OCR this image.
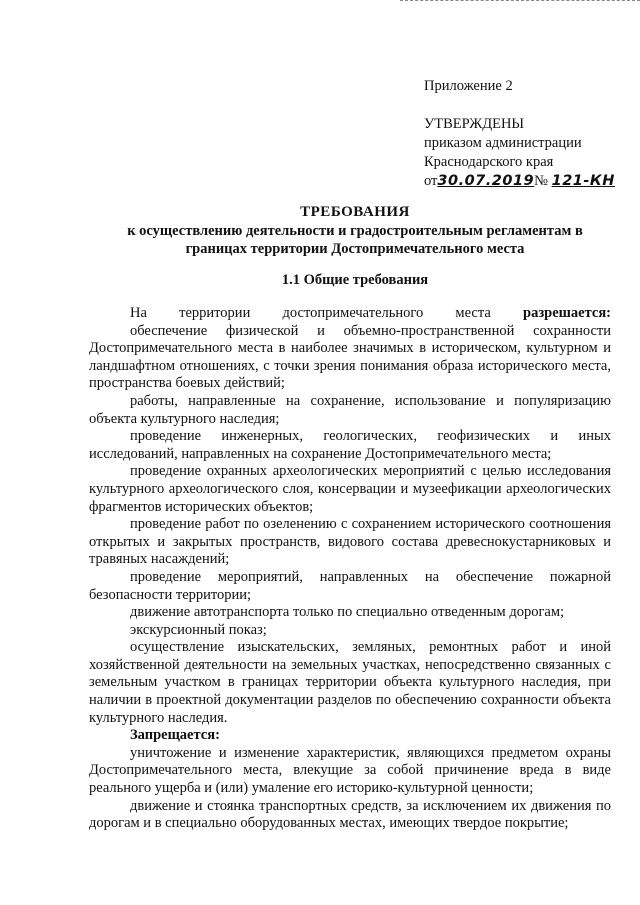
Приложение 2
УТВЕРЖДЕНЫ
приказом администрации
Краснодарского края
от30.07.2019№ 121-КН
ТРЕБОВАНИЯ
к осуществлению деятельности и градостроительным регламентам в
границах территории Достопримечательного места
1.1 Общие требования

На территории достопримечательного места разрешается:

обеспечение физической и объемно-пространственной сохранности Достопримечательного места в наиболее значимых в историческом, культурном и ландшафтном отношениях, с точки зрения понимания образа исторического места, пространства боевых действий;

работы, направленные на сохранение, использование и популяризацию объекта культурного наследия;

проведение инженерных, геологических, геофизических и иных исследований, направленных на сохранение Достопримечательного места;

проведение охранных археологических мероприятий с целью исследования культурного археологического слоя, консервации и музеефикации археологических фрагментов исторических объектов;

проведение работ по озеленению с сохранением исторического соотношения открытых и закрытых пространств, видового состава древеснокустарниковых и травяных насаждений;

проведение мероприятий, направленных на обеспечение пожарной безопасности территории;

движение автотранспорта только по специально отведенным дорогам;

экскурсионный показ;

осуществление изыскательских, земляных, ремонтных работ и иной хозяйственной деятельности на земельных участках, непосредственно связанных с земельным участком в границах территории объекта культурного наследия, при наличии в проектной документации разделов по обеспечению сохранности объекта культурного наследия.

Запрещается:

уничтожение и изменение характеристик, являющихся предметом охраны Достопримечательного места, влекущие за собой причинение вреда в виде реального ущерба и (или) умаление его историко-культурной ценности;

движение и стоянка транспортных средств, за исключением их движения по дорогам и в специально оборудованных местах, имеющих твердое покрытие;
